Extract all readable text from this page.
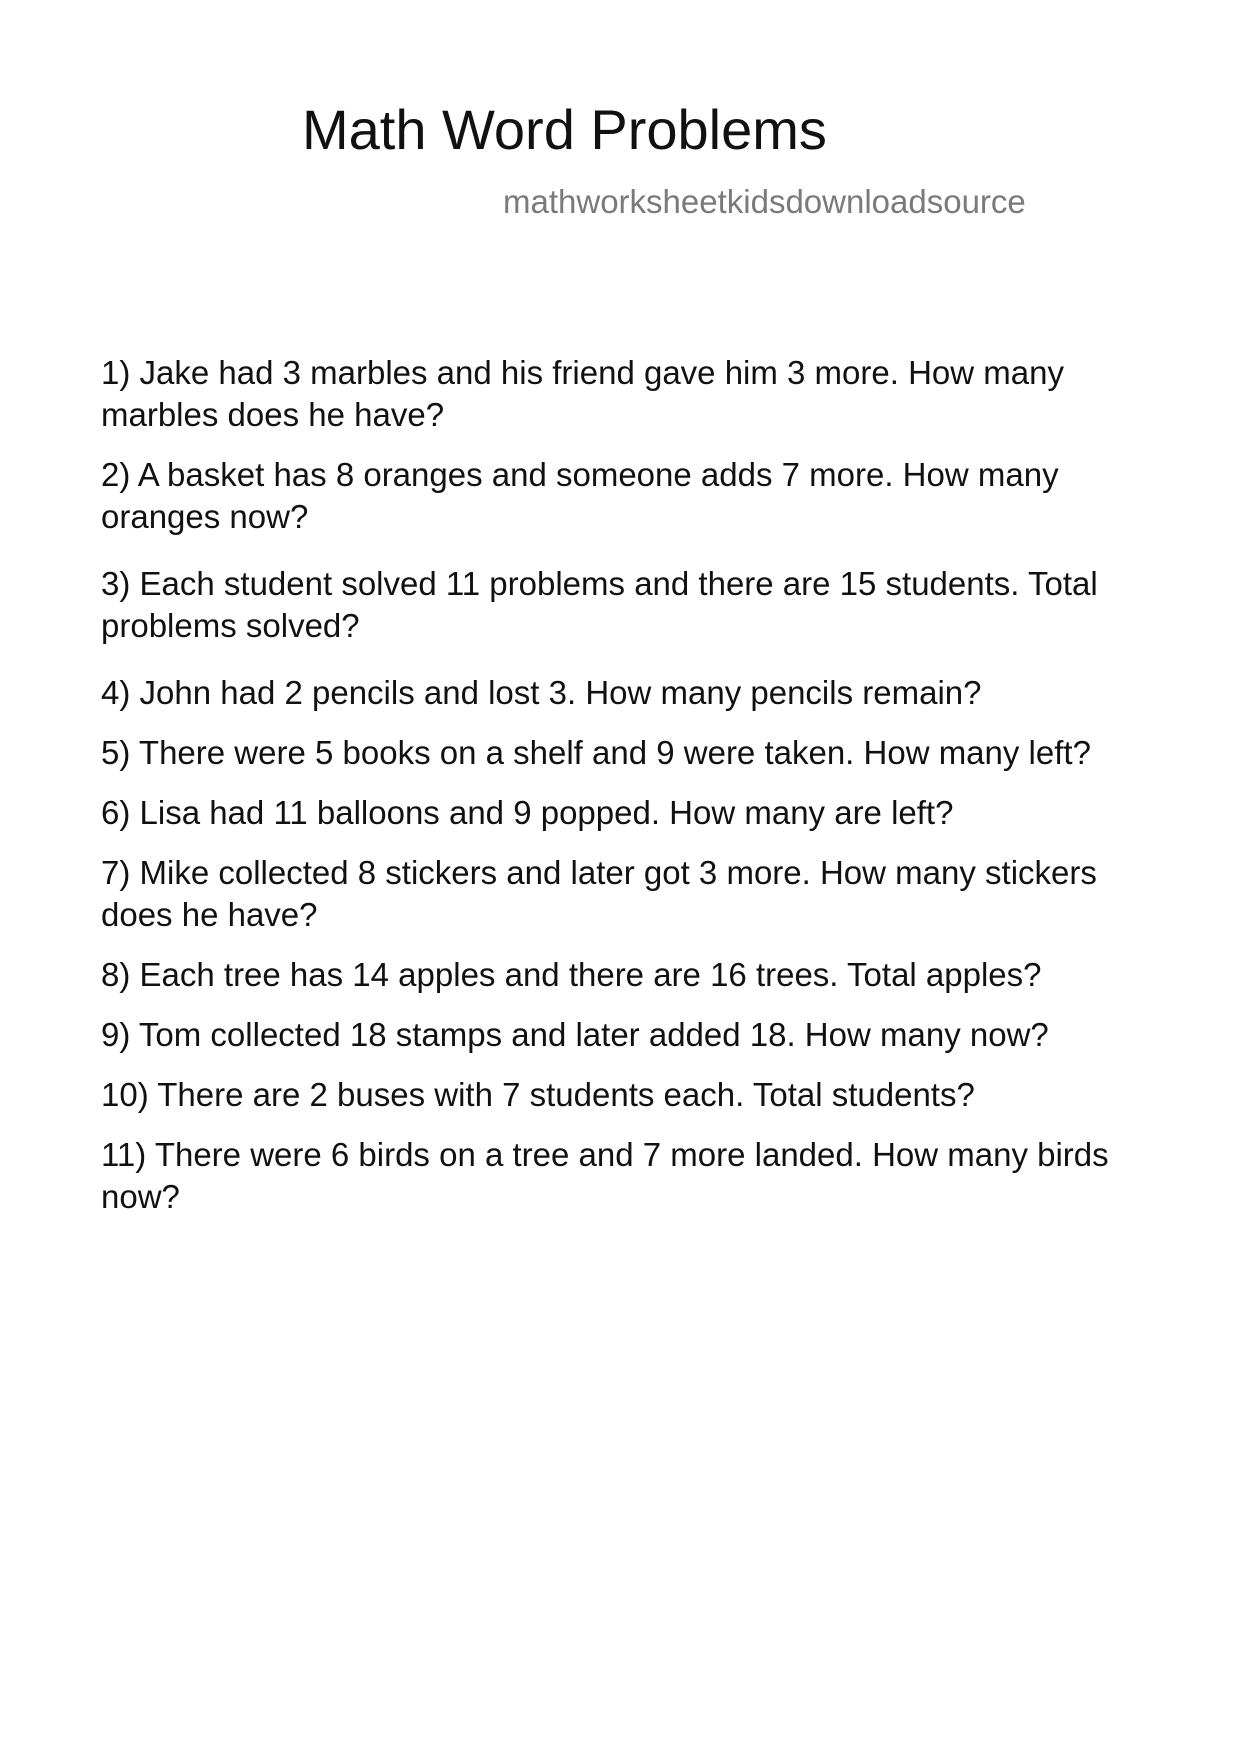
Math Word Problems
mathworksheetkidsdownloadsource
1) Jake had 3 marbles and his friend gave him 3 more. How many marbles does he have?
2) A basket has 8 oranges and someone adds 7 more. How many oranges now?
3) Each student solved 11 problems and there are 15 students. Total problems solved?
4) John had 2 pencils and lost 3. How many pencils remain?
5) There were 5 books on a shelf and 9 were taken. How many left?
6) Lisa had 11 balloons and 9 popped. How many are left?
7) Mike collected 8 stickers and later got 3 more. How many stickers does he have?
8) Each tree has 14 apples and there are 16 trees. Total apples?
9) Tom collected 18 stamps and later added 18. How many now?
10) There are 2 buses with 7 students each. Total students?
11) There were 6 birds on a tree and 7 more landed. How many birds now?
